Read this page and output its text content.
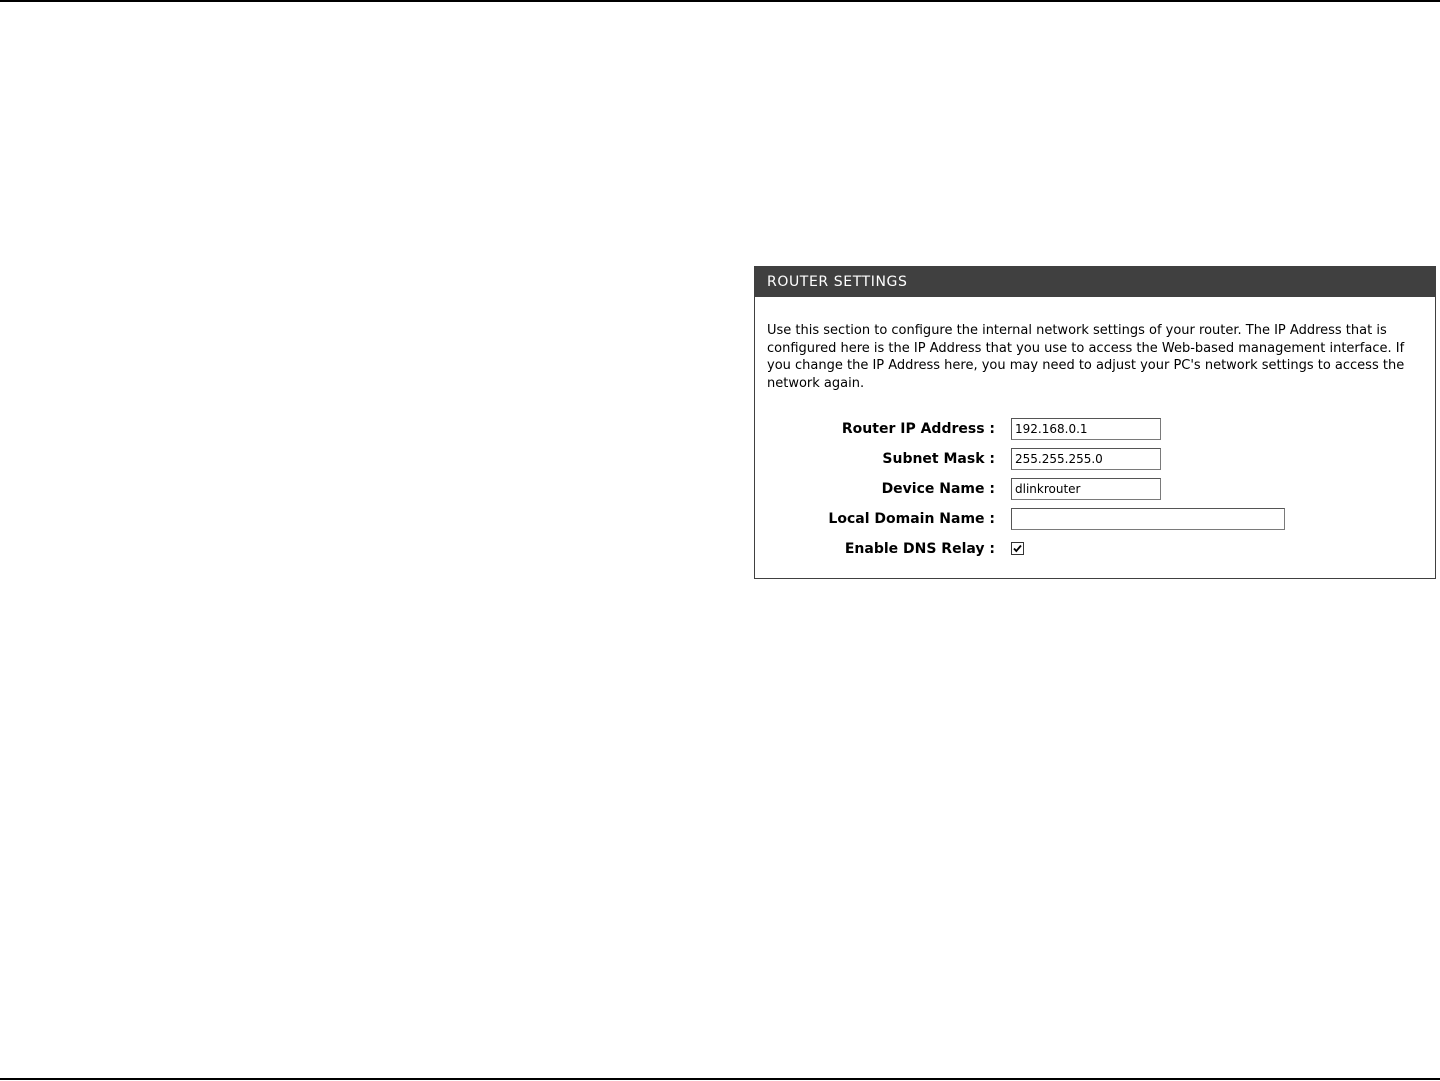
ROUTER SETTINGS

Use this section to configure the internal network settings of your router. The IP Address that is configured here is the IP Address that you use to access the Web-based management interface. If you change the IP Address here, you may need to adjust your PC's network settings to access the network again.

Router IP Address :
192.168.0.1
Subnet Mask :
255.255.255.0
Device Name :
dlinkrouter
Local Domain Name :
Enable DNS Relay :
